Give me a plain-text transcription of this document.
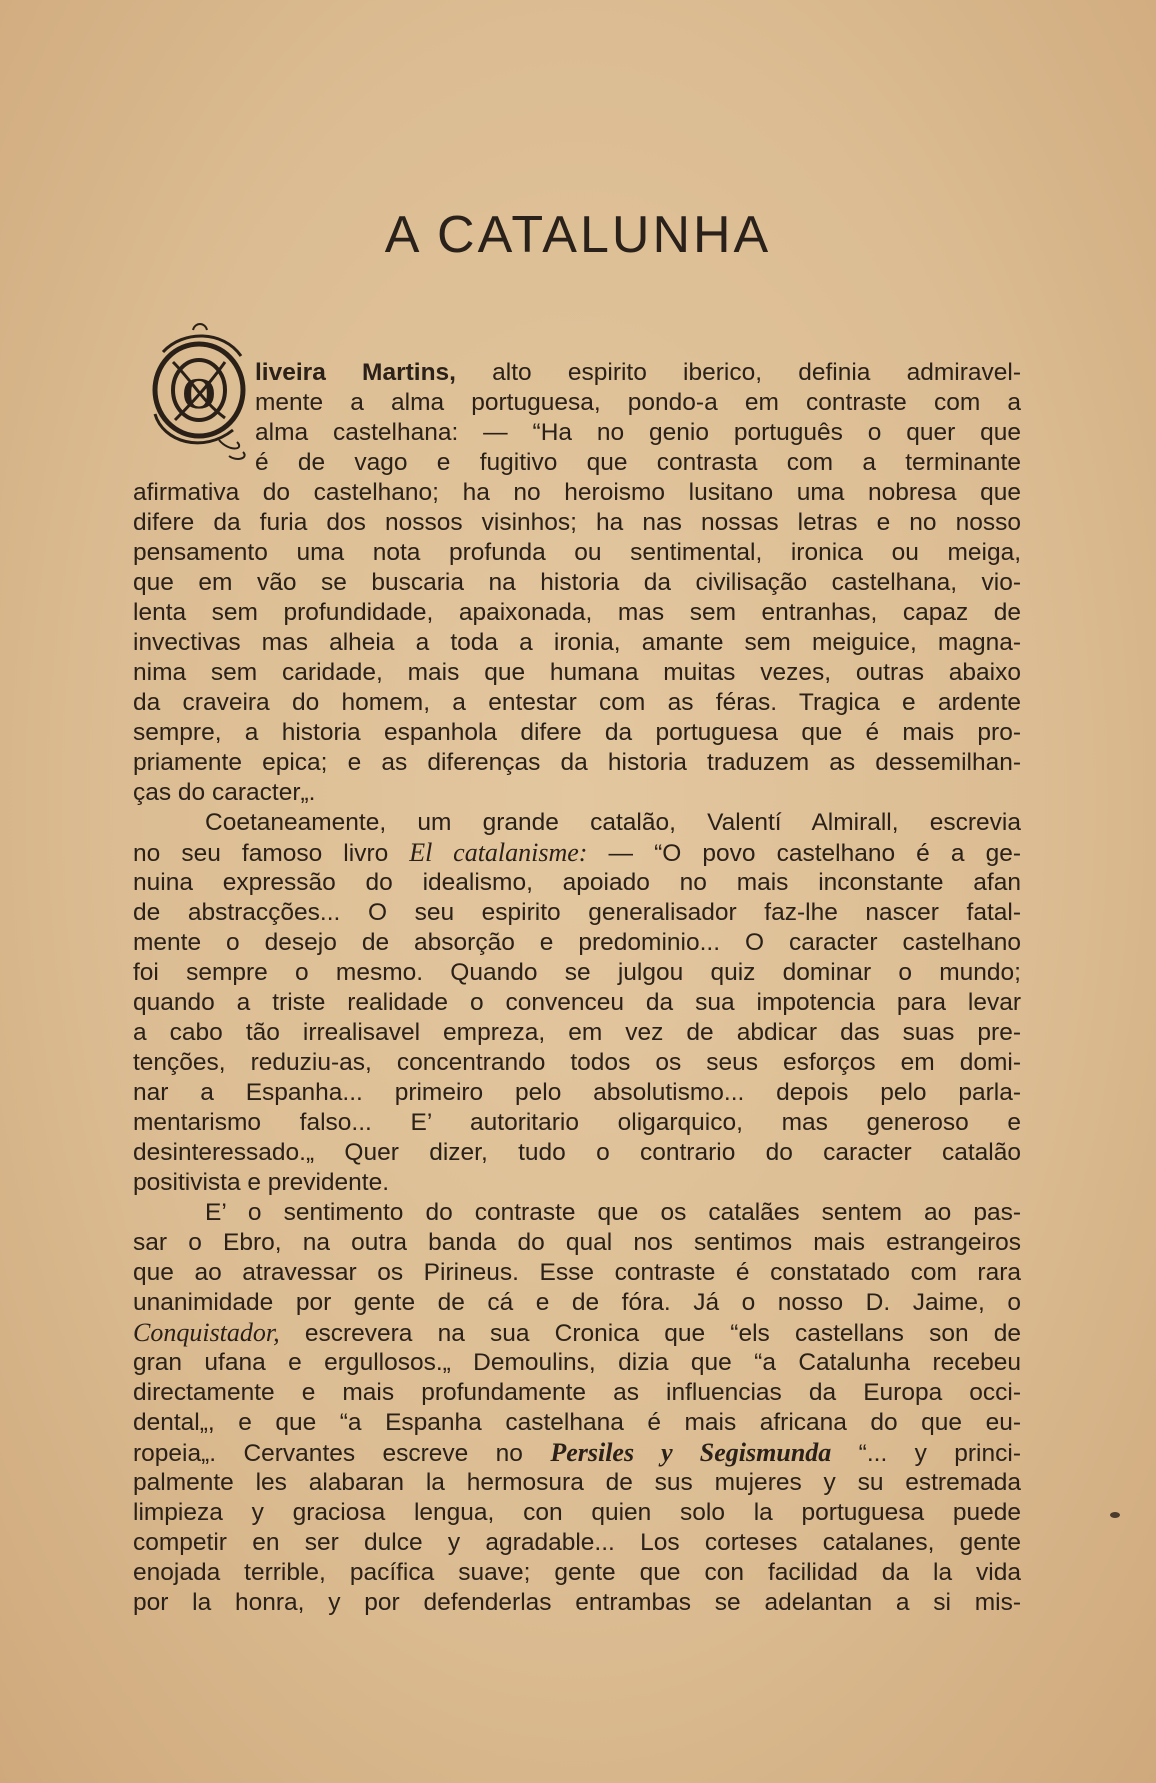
A CATALUNHA
O	liveira Martins, alto espirito iberico, definia admiravel-
mente a alma portuguesa, pondo-a em contraste com a
alma castelhana: — “Ha no genio português o quer que
é de vago e fugitivo que contrasta com a terminante
afirmativa do castelhano; ha no heroismo lusitano uma nobresa que
difere da furia dos nossos visinhos; ha nas nossas letras e no nosso
pensamento uma nota profunda ou sentimental, ironica ou meiga,
que em vão se buscaria na historia da civilisação castelhana, vio-
lenta sem profundidade, apaixonada, mas sem entranhas, capaz de
invectivas mas alheia a toda a ironia, amante sem meiguice, magna-
nima sem caridade, mais que humana muitas vezes, outras abaixo
da craveira do homem, a entestar com as féras. Tragica e ardente
sempre, a historia espanhola difere da portuguesa que é mais pro-
priamente epica; e as diferenças da historia traduzem as dessemilhan-
ças do caracter„.
Coetaneamente, um grande catalão, Valentí Almirall, escrevia
no seu famoso livro El catalanisme: — “O povo castelhano é a ge-
nuina expressão do idealismo, apoiado no mais inconstante afan
de abstracções... O seu espirito generalisador faz-lhe nascer fatal-
mente o desejo de absorção e predominio... O caracter castelhano
foi sempre o mesmo. Quando se julgou quiz dominar o mundo;
quando a triste realidade o convenceu da sua impotencia para levar
a cabo tão irrealisavel empreza, em vez de abdicar das suas pre-
tenções, reduziu-as, concentrando todos os seus esforços em domi-
nar a Espanha... primeiro pelo absolutismo... depois pelo parla-
mentarismo falso... E’ autoritario oligarquico, mas generoso e
desinteressado.„ Quer dizer, tudo o contrario do caracter catalão
positivista e previdente.
E’ o sentimento do contraste que os catalães sentem ao pas-
sar o Ebro, na outra banda do qual nos sentimos mais estrangeiros
que ao atravessar os Pirineus. Esse contraste é constatado com rara
unanimidade por gente de cá e de fóra. Já o nosso D. Jaime, o
Conquistador, escrevera na sua Cronica que “els castellans son de
gran ufana e ergullosos.„ Demoulins, dizia que “a Catalunha recebeu
directamente e mais profundamente as influencias da Europa occi-
dental„, e que “a Espanha castelhana é mais africana do que eu-
ropeia„. Cervantes escreve no Persiles y Segismunda “... y princi-
palmente les alabaran la hermosura de sus mujeres y su estremada
limpieza y graciosa lengua, con quien solo la portuguesa puede
competir en ser dulce y agradable... Los corteses catalanes, gente
enojada terrible, pacífica suave; gente que con facilidad da la vida
por la honra, y por defenderlas entrambas se adelantan a si mis-
